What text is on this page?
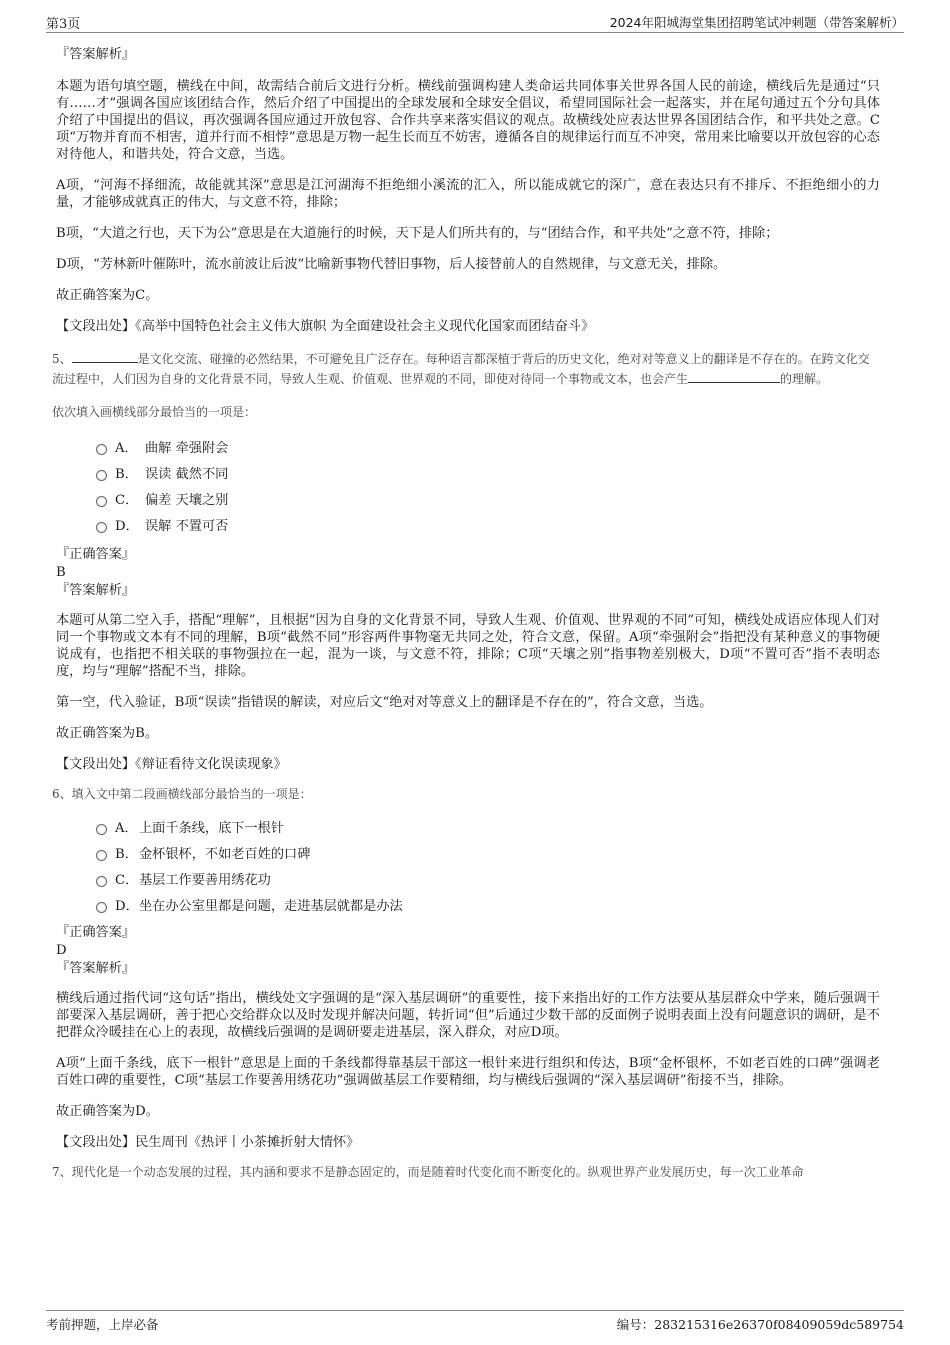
第3页	2024年阳城海堂集团招聘笔试冲刺题（带答案解析）

『答案解析』

本题为语句填空题，横线在中间，故需结合前后文进行分析。横线前强调构建人类命运共同体事关世界各国人民的前途，横线后先是通过“只有……才”强调各国应该团结合作，然后介绍了中国提出的全球发展和全球安全倡议，希望同国际社会一起落实，并在尾句通过五个分句具体介绍了中国提出的倡议，再次强调各国应通过开放包容、合作共享来落实倡议的观点。故横线处应表达世界各国团结合作，和平共处之意。C项“万物并育而不相害，道并行而不相悖”意思是万物一起生长而互不妨害，遵循各自的规律运行而互不冲突，常用来比喻要以开放包容的心态对待他人，和谐共处，符合文意，当选。

A项，“河海不择细流，故能就其深”意思是江河湖海不拒绝细小溪流的汇入，所以能成就它的深广，意在表达只有不排斥、不拒绝细小的力量，才能够成就真正的伟大，与文意不符，排除；

B项，“大道之行也，天下为公”意思是在大道施行的时候，天下是人们所共有的，与“团结合作，和平共处”之意不符，排除；

D项，“芳林新叶催陈叶，流水前波让后波”比喻新事物代替旧事物，后人接替前人的自然规律，与文意无关，排除。

故正确答案为C。

【文段出处】《高举中国特色社会主义伟大旗帜 为全面建设社会主义现代化国家而团结奋斗》

5、	是文化交流、碰撞的必然结果，不可避免且广泛存在。每种语言都深植于背后的历史文化，绝对对等意义上的翻译是不存在的。在跨文化交流过程中，人们因为自身的文化背景不同，导致人生观、价值观、世界观的不同，即使对待同一个事物或文本，也会产生	的理解。

依次填入画横线部分最恰当的一项是：

A． 曲解 牵强附会
B． 误读 截然不同
C． 偏差 天壤之别
D． 误解 不置可否

『正确答案』

B

『答案解析』

本题可从第二空入手，搭配“理解”，且根据“因为自身的文化背景不同，导致人生观、价值观、世界观的不同”可知，横线处成语应体现人们对同一个事物或文本有不同的理解，B项“截然不同”形容两件事物毫无共同之处，符合文意，保留。A项“牵强附会”指把没有某种意义的事物硬说成有，也指把不相关联的事物强拉在一起，混为一谈，与文意不符，排除；C项“天壤之别”指事物差别极大，D项“不置可否”指不表明态度，均与“理解”搭配不当，排除。

第一空，代入验证，B项“误读”指错误的解读，对应后文“绝对对等意义上的翻译是不存在的”，符合文意，当选。

故正确答案为B。

【文段出处】《辩证看待文化误读现象》

6、填入文中第二段画横线部分最恰当的一项是：

A． 上面千条线，底下一根针
B． 金杯银杯，不如老百姓的口碑
C． 基层工作要善用绣花功
D． 坐在办公室里都是问题，走进基层就都是办法

『正确答案』

D

『答案解析』

横线后通过指代词“这句话”指出，横线处文字强调的是“深入基层调研”的重要性，接下来指出好的工作方法要从基层群众中学来，随后强调干部要深入基层调研，善于把心交给群众以及时发现并解决问题，转折词“但”后通过少数干部的反面例子说明表面上没有问题意识的调研，是不把群众冷暖挂在心上的表现，故横线后强调的是调研要走进基层，深入群众，对应D项。

A项“上面千条线，底下一根针”意思是上面的千条线都得靠基层干部这一根针来进行组织和传达，B项“金杯银杯，不如老百姓的口碑”强调老百姓口碑的重要性，C项“基层工作要善用绣花功”强调做基层工作要精细，均与横线后强调的“深入基层调研”衔接不当，排除。

故正确答案为D。

【文段出处】民生周刊《热评丨小茶摊折射大情怀》

7、现代化是一个动态发展的过程，其内涵和要求不是静态固定的，而是随着时代变化而不断变化的。纵观世界产业发展历史，每一次工业革命

考前押题，上岸必备	编号：283215316e26370f08409059dc589754
